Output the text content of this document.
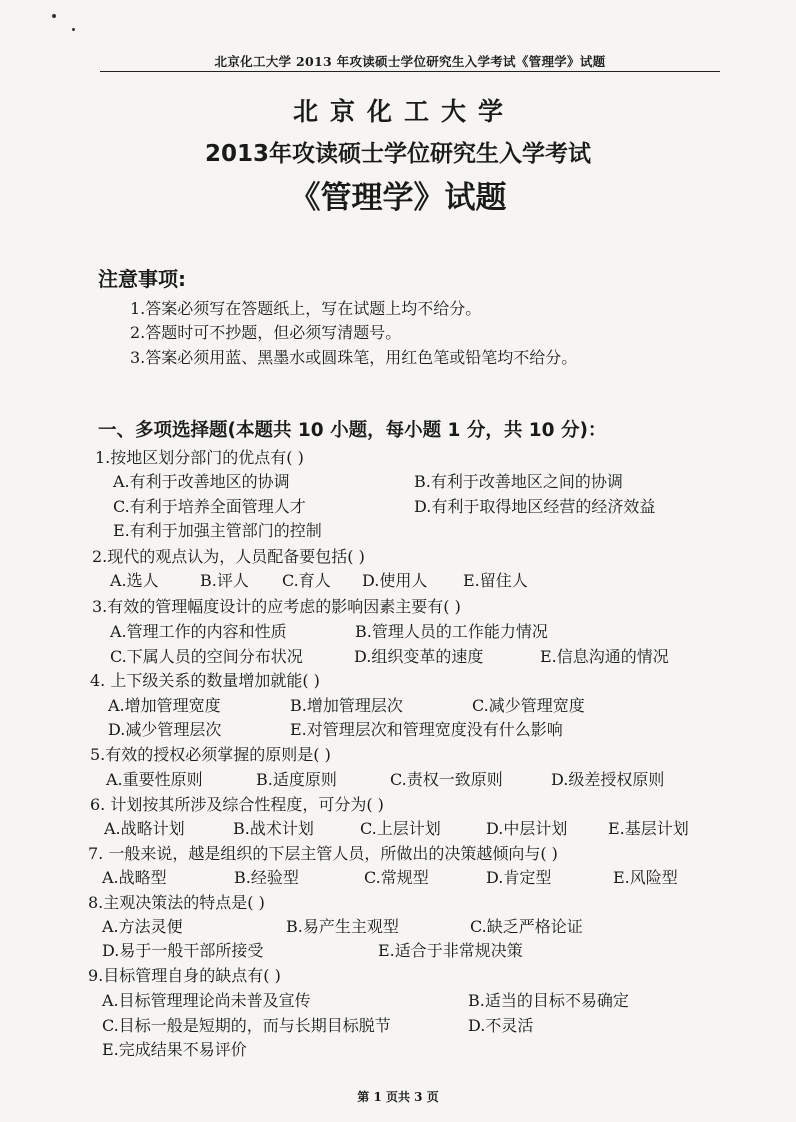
北京化工大学 2013 年攻读硕士学位研究生入学考试《管理学》试题
北京化工大学
2013年攻读硕士学位研究生入学考试
《管理学》试题
注意事项:
1.答案必须写在答题纸上，写在试题上均不给分。
2.答题时可不抄题，但必须写清题号。
3.答案必须用蓝、黑墨水或圆珠笔，用红色笔或铅笔均不给分。
一、多项选择题(本题共 10 小题，每小题 1 分，共 10 分)：
1.按地区划分部门的优点有( )
A.有利于改善地区的协调	B.有利于改善地区之间的协调
C.有利于培养全面管理人才	D.有利于取得地区经营的经济效益
E.有利于加强主管部门的控制
2.现代的观点认为，人员配备要包括( )
A.选人	B.评人 C.育人 D.使用人 E.留住人
3.有效的管理幅度设计的应考虑的影响因素主要有( )
A.管理工作的内容和性质	B.管理人员的工作能力情况
C.下属人员的空间分布状况	D.组织变革的速度	E.信息沟通的情况
4. 上下级关系的数量增加就能( )
A.增加管理宽度	B.增加管理层次	C.减少管理宽度
D.减少管理层次	E.对管理层次和管理宽度没有什么影响
5.有效的授权必须掌握的原则是( )
A.重要性原则	B.适度原则	C.责权一致原则	D.级差授权原则
6. 计划按其所涉及综合性程度，可分为( )
A.战略计划	B.战术计划	C.上层计划	D.中层计划	E.基层计划
7. 一般来说，越是组织的下层主管人员，所做出的决策越倾向与( )
A.战略型	B.经验型	C.常规型	D.肯定型	E.风险型
8.主观决策法的特点是( )
A.方法灵便	B.易产生主观型	C.缺乏严格论证
D.易于一般干部所接受	E.适合于非常规决策
9.目标管理自身的缺点有( )
A.目标管理理论尚未普及宣传	B.适当的目标不易确定
C.目标一般是短期的，而与长期目标脱节	D.不灵活
E.完成结果不易评价
第 1 页共 3 页
